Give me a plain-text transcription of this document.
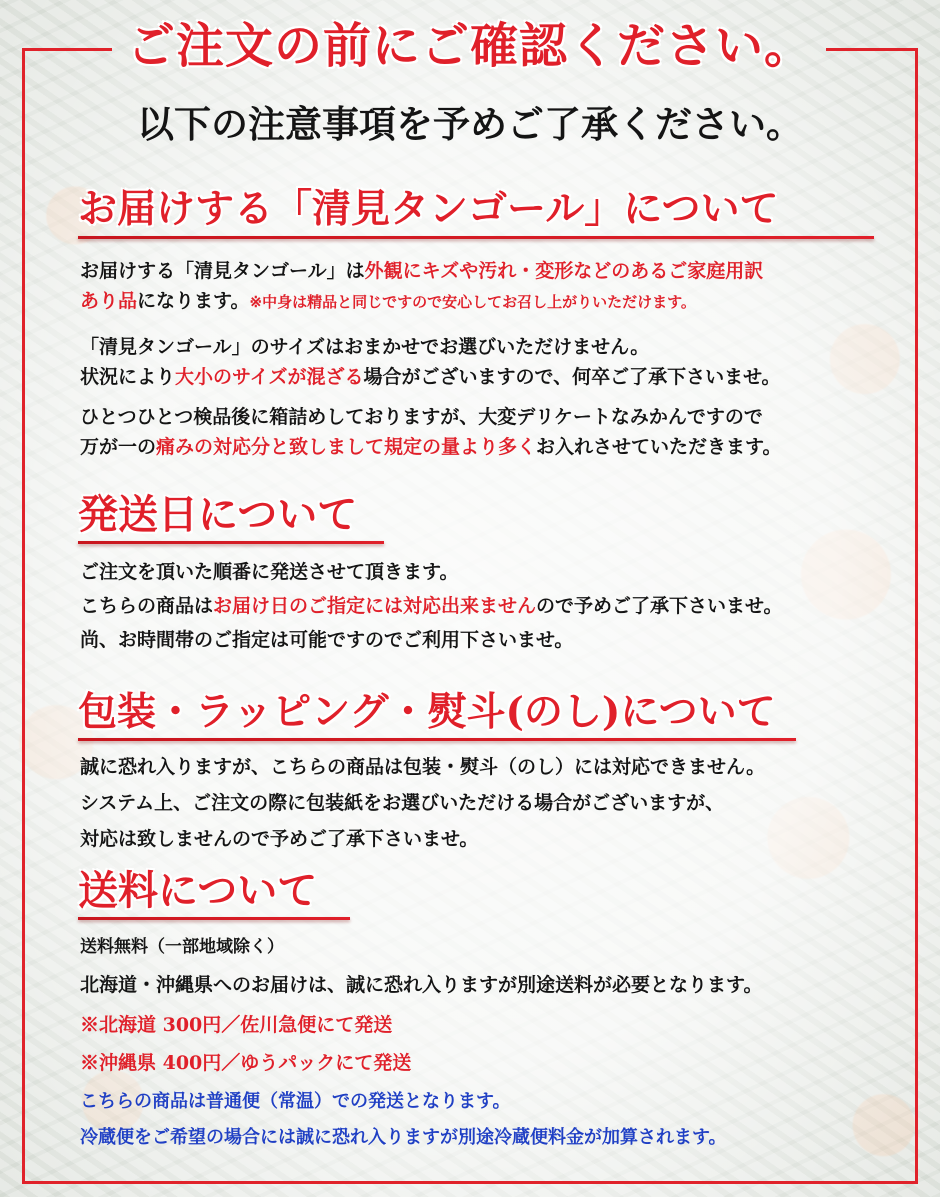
ご注文の前にご確認ください。
以下の注意事項を予めご了承ください。
お届けする「清見タンゴール」について
お届けする「清見タンゴール」は外観にキズや汚れ・変形などのあるご家庭用訳
あり品になります。※中身は精品と同じですので安心してお召し上がりいただけます。
「清見タンゴール」のサイズはおまかせでお選びいただけません。
状況により大小のサイズが混ざる場合がございますので、何卒ご了承下さいませ。
ひとつひとつ検品後に箱詰めしておりますが、大変デリケートなみかんですので
万が一の痛みの対応分と致しまして規定の量より多くお入れさせていただきます。
発送日について
ご注文を頂いた順番に発送させて頂きます。
こちらの商品はお届け日のご指定には対応出来ませんので予めご了承下さいませ。
尚、お時間帯のご指定は可能ですのでご利用下さいませ。
包装・ラッピング・熨斗(のし)について
誠に恐れ入りますが、こちらの商品は包装・熨斗（のし）には対応できません。
システム上、ご注文の際に包装紙をお選びいただける場合がございますが、
対応は致しませんので予めご了承下さいませ。
送料について
送料無料（一部地域除く）
北海道・沖縄県へのお届けは、誠に恐れ入りますが別途送料が必要となります。
※北海道 300円／佐川急便にて発送
※沖縄県 400円／ゆうパックにて発送
こちらの商品は普通便（常温）での発送となります。
冷蔵便をご希望の場合には誠に恐れ入りますが別途冷蔵便料金が加算されます。
